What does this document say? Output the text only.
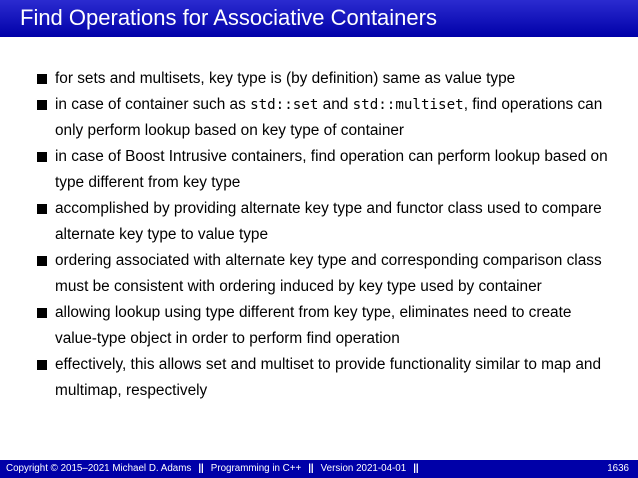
Find Operations for Associative Containers
for sets and multisets, key type is (by definition) same as value type
in case of container such as std::set and std::multiset, find operations can only perform lookup based on key type of container
in case of Boost Intrusive containers, find operation can perform lookup based on type different from key type
accomplished by providing alternate key type and functor class used to compare alternate key type to value type
ordering associated with alternate key type and corresponding comparison class must be consistent with ordering induced by key type used by container
allowing lookup using type different from key type, eliminates need to create value-type object in order to perform find operation
effectively, this allows set and multiset to provide functionality similar to map and multimap, respectively
Copyright © 2015–2021 Michael D. Adams || Programming in C++ || Version 2021-04-01 ||	1636
